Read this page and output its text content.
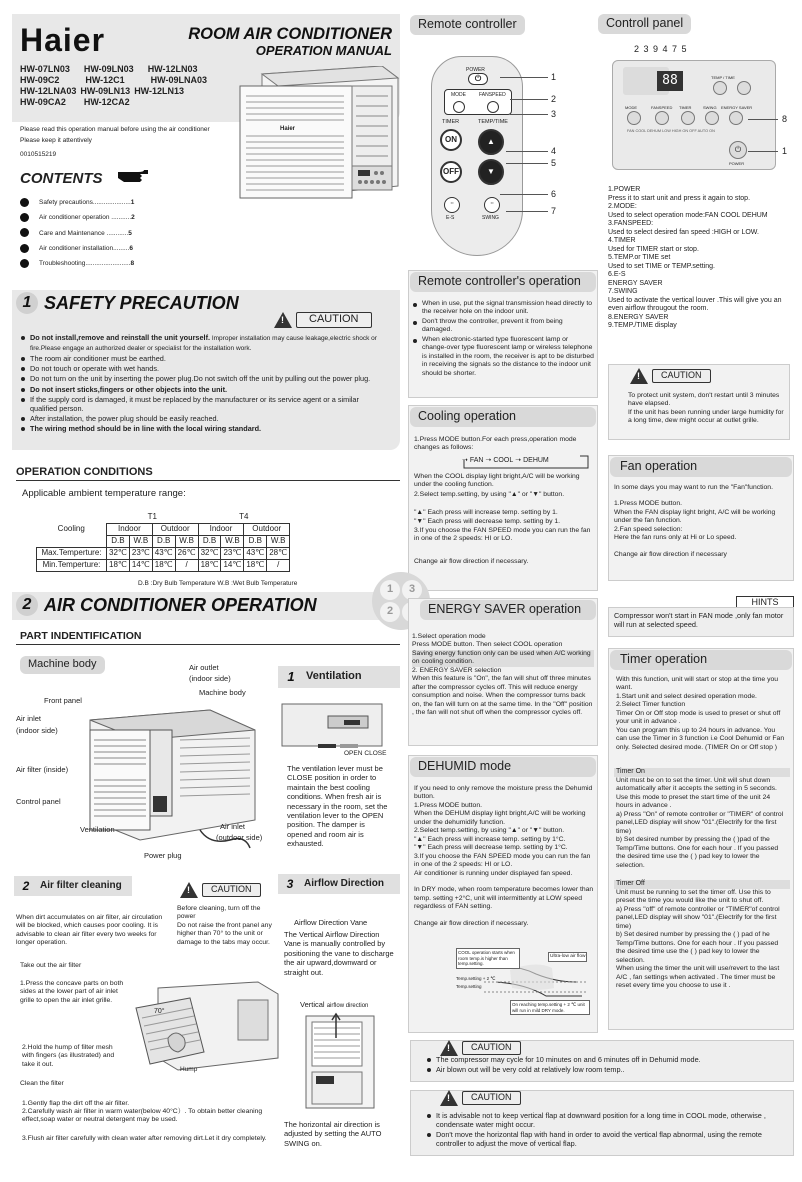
Haier	ROOM AIR CONDITIONER
OPERATION MANUAL
HW-07LN03 HW-09LN03 HW-12LN03
HW-09C2	HW-12C1	HW-09LNA03
HW-12LNA03 HW-09LN13 HW-12LN13
HW-09CA2 HW-12CA2
Haier
Please read this operation manual before using the air conditioner
Please keep it attentively
0010515219
CONTENTS
Safety precautions.....................1
Air conditioner operation ...........2
Care and Maintenance ............5
Air conditioner installation.........6
Troubleshooting.........................8
1 SAFETY PRECAUTION
!
CAUTION
Do not install,remove and reinstall the unit yourself. Improper installation may cause leakage,electric shock or fire.Please engage an authorized dealer or specialist for the installation work.
The room air conditioner must be earthed.
Do not touch or operate with wet hands.
Do not turn on the unit by inserting the power plug.Do not switch off the unit by pulling out the power plug.
Do not insert sticks,fingers or other objects into the unit.
If the supply cord is damaged, it must be replaced by the manufacturer or its service agent or a similar qualified person.
After installation, the power plug should be easily reached.
The wiring method should be in line with the local wiring standard.
OPERATION CONDITIONS
Applicable ambient temperature range:
Cooling	T1				T4			
	Indoor		Outdoor		Indoor		Outdoor	
	D.B	W.B	D.B	W.B	D.B	W.B	D.B	W.B
Max.Temperture:	32℃	23℃	43℃	26℃	32℃	23℃	43℃	28℃
Min.Temperture:	18℃	14℃	18℃	/	18℃	14℃	18℃	/
D.B :Dry Bulb Temperature W.B :Wet Bulb Temperature
2 AIR CONDITIONER OPERATION
PART INDENTIFICATION
Machine body	Air outlet
(indoor side)
Machine body
Front panel
Air inlet
(indoor side)
Air filter (inside)
Control panel
Ventilation	Air inlet
(outdoor side)
Power plug
1	Ventilation
OPEN CLOSE
The ventilation lever must be CLOSE position in order to maintain the best cooling conditions. When fresh air is necessary in the room, set the ventilation lever to the OPEN position. The damper is opened and room air is exhausted.
2	Air filter cleaning !	CAUTION
Before cleaning, turn off the power
Do not raise the front panel any higher than 70° to the unit or damage to the tabs may occur.
When dirt accumulates on air filter, air circulation will be blocked, which causes poor cooling. It is advisable to clean air filter every two weeks for longer operation.
Take out the air filter
1.Press the concave parts on both sides at the lower part of air inlet grille to open the air inlet grille.
70°
Hump
2.Hold the hump of filter mesh with fingers (as illustrated) and take it out.
Clean the filter
1.Gently flap the dirt off the air filter.
2.Carefully wash air filter in warm water(below 40°C）. To obtain better cleaning effect,soap water or neutral detergent may be used.
3.Flush air filter carefully with clean water after removing dirt.Let it dry completely.
3	Airflow Direction
Airflow Direction Vane
The Vertical Airflow Direction Vane is manually controlled by positioning the vane to discharge the air upward,downward or straight out.
Vertical airflow direction
The horizontal air direction is adjusted by setting the AUTO SWING on.
Remote controller
POWER
⏻
MODE	FANSPEED
TIMER	TEMP/TIME
ON
OFF
▲
▼
∙∙	∙∙
E-S	SWING
1
2
3
4
5
6
7
Remote controller's operation
When in use, put the signal transmission head directly to the receiver hole on the indoor unit.
Don't throw the controller, prevent it from being damaged.
When electronic-started type fluorescent lamp or change-over type fluorescent lamp or wireless telephone is installed in the room, the receiver is apt to be disturbed in receiving the signals so the distance to the indoor unit should be shorter.
Cooling operation
1.Press MODE button.For each press,operation mode changes as follows:
➝ FAN ➝ COOL ➝ DEHUM
When the COOL display light bright,A/C will be working under the cooling function.
2.Select temp.setting, by using "▲" or "▼" button.
"▲" Each press will increase temp. setting by 1.
"▼" Each press will decrease temp. setting by 1.
3.If you choose the FAN SPEED mode you can run the fan in one of the 2 speeds: HI or LO.
Change air flow direction if necessary.
1	3
2	ENERGY SAVER operation
1.Select operation mode
Press MODE button. Then select COOL operation
Saving energy function only can be used when A/C working on cooling condition.
2. ENERGY SAVER selection
When this feature is "On", the fan will shut off three minutes after the compressor cycles off. This will reduce energy consumption and noise. When the compressor turns back on, the fan will turn on at the same time. In the "Off" position , the fan will not shut off when the compressor cycles off.
DEHUMID mode
If you need to only remove the moisture press the Dehumid button.
1.Press MODE button.
When the DEHUM display light bright,A/C will be working under the dehumidify function.
2.Select temp.setting, by using "▲" or "▼" button.
"▲" Each press will increase temp. setting by 1°C.
"▼" Each press will decrease temp. setting by 1°C.
3.If you choose the FAN SPEED mode you can run the fan in one of the 2 speeds: HI or LO.
Air conditioner is running under displayed fan speed.
In DRY mode, when room temperature becomes lower than temp. setting +2°C, unit will intermittently at LOW speed regardless of FAN setting.
Change air flow direction if necessary.
COOL operation starts when room temp.is higher than temp.setting.
Ultra-low air flow
Temp.setting + 2 ℃
Temp.setting
On reaching temp.setting + 2 ℃ unit will run in mild DRY mode.
Controll panel
2 3 9 4 7 5
88	TEMP / TIME
MODE	FANSPEED TIMER	SWING ENERGY SAVER
FAN COOL DEHUM LOW HIGH ON OFF AUTO ON
⏻
POWER
8
1
1.POWER
Press it to start unit and press it again to stop.
2.MODE:
Used to select operation mode:FAN COOL DEHUM
3.FANSPEED:
Used to select desired fan speed :HIGH or LOW.
4.TIMER
Used for TIMER start or stop.
5.TEMP.or TIME set
Used to set TIME or TEMP.setting.
6.E-S
ENERGY SAVER
7.SWING
Used to activate the vertical louver .This will give you an even airflow througout the room.
8.ENERGY SAVER
9.TEMP./TIME display
!
CAUTION
To protect unit system, don't restart until 3 minutes have elapsed.
If the unit has been running under large humidity for a long time, dew might occur at outlet grille.
Fan operation
In some days you may want to run the "Fan"function.
1.Press MODE button.
When the FAN display light bright, A/C will be working under the fan function.
2.Fan speed selection:
Here the fan runs only at Hi or Lo speed.
Change air flow direction if necessary
HINTS
Compressor won't start in FAN mode ,only fan motor will run at selected speed.
Timer operation
With this function, unit will start or stop at the time you want.
1.Start unit and select desired operation mode.
2.Select Timer function
Timer On or Off stop mode is used to preset or shut off your unit in advance .
You can program this up to 24 hours in advance. You can use the Timer in 3 function i.e Cool Dehumid or Fan only. Selected desired mode. (TIMER On or Off stop )
Timer On
Unit must be on to set the timer. Unit will shut down automatically after it accepts the setting in 5 seconds. Use this mode to preset the start time of the unit 24 hours in advance .
a) Press "On" of remote controller or "TIMER" of control panel,LED display will show "01".(Electrify for the first time)
b) Set desired number by pressing the ( )pad of the Temp/Time buttons. One for each hour . If you passed the desired time use the ( ) pad key to lower the selection.
Timer Off
Unit must be running to set the timer off. Use this to preset the time you would like the unit to shut off.
a) Press "off" of remote controller or "TIMER"of control panel,LED display will show "01".(Electrify for the first time)
b) Set desired number by pressing the ( ) pad of he Temp/Time buttons. One for each hour . If you passed the desired time use the ( ) pad key to lower the selection.
When using the timer the unit will use/revert to the last A/C , fan settings when activated . The timer must be reset every time you choose to use it .
!
CAUTION
The compressor may cycle for 10 minutes on and 6 minutes off in Dehumid mode.
Air blown out will be very cold at relatively low room temp..
!
CAUTION
It is advisable not to keep vertical flap at downward position for a long time in COOL mode, otherwise , condensate water might occur.
Don't move the horizontal flap with hand in order to avoid the vertical flap abnormal, using the remote controller to adjust the move of vertical flap.
